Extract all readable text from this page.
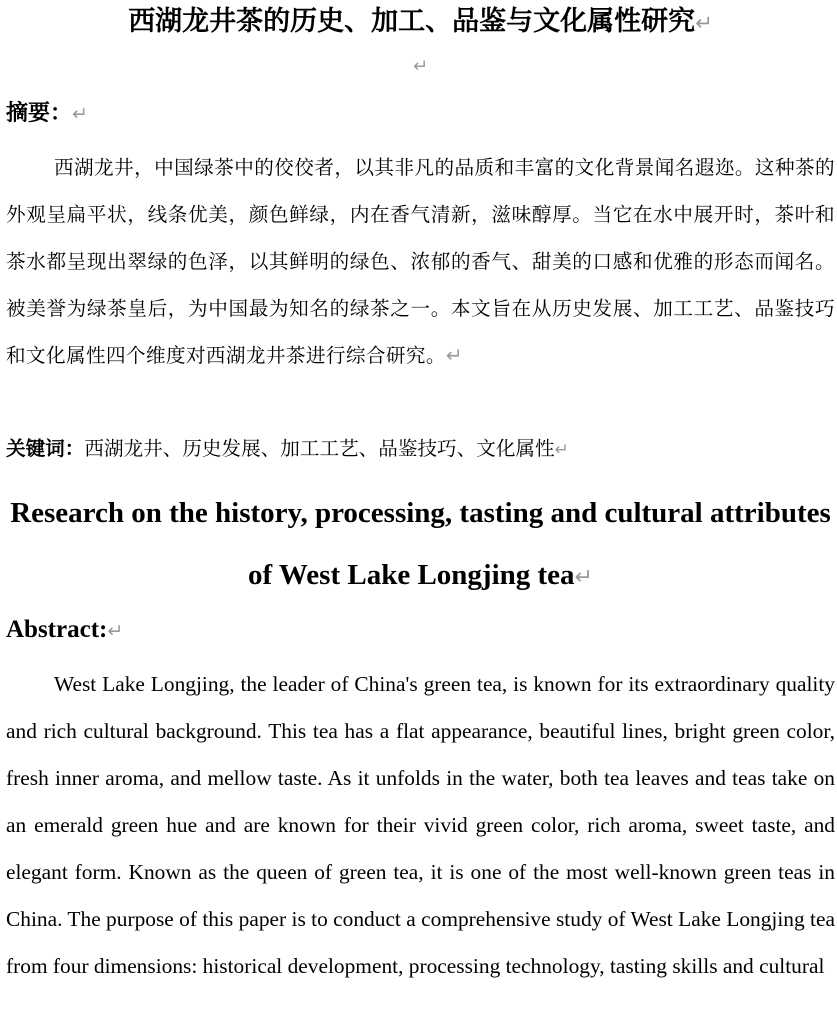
西湖龙井茶的历史、加工、品鉴与文化属性研究↵
↵
摘要：↵
西湖龙井，中国绿茶中的佼佼者，以其非凡的品质和丰富的文化背景闻名遐迩。这种茶的外观呈扁平状，线条优美，颜色鲜绿，内在香气清新，滋味醇厚。当它在水中展开时，茶叶和茶水都呈现出翠绿的色泽，以其鲜明的绿色、浓郁的香气、甜美的口感和优雅的形态而闻名。被美誉为绿茶皇后，为中国最为知名的绿茶之一。本文旨在从历史发展、加工工艺、品鉴技巧和文化属性四个维度对西湖龙井茶进行综合研究。↵
关键词：西湖龙井、历史发展、加工工艺、品鉴技巧、文化属性↵
Research on the history, processing, tasting and cultural attributes of West Lake Longjing tea↵
Abstract:↵
West Lake Longjing, the leader of China's green tea, is known for its extraordinary quality and rich cultural background. This tea has a flat appearance, beautiful lines, bright green color, fresh inner aroma, and mellow taste. As it unfolds in the water, both tea leaves and teas take on an emerald green hue and are known for their vivid green color, rich aroma, sweet taste, and elegant form. Known as the queen of green tea, it is one of the most well-known green teas in China. The purpose of this paper is to conduct a comprehensive study of West Lake Longjing tea from four dimensions: historical development, processing technology, tasting skills and cultural
